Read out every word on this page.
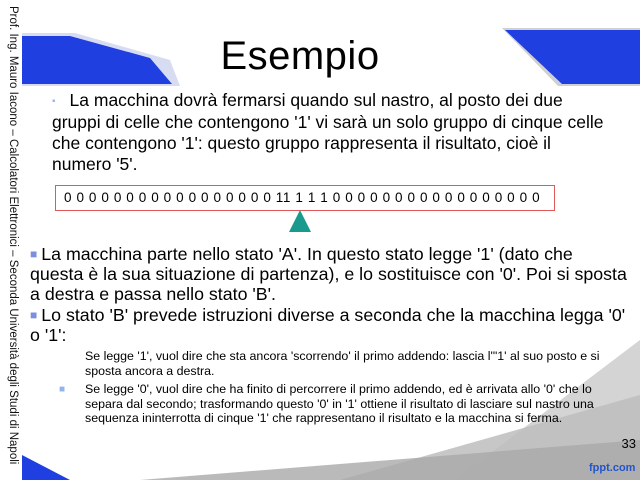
Prof. Ing. Mauro Iacono – Calcolatori Elettronici – Seconda Università degli Studi di Napoli	Esempio
▪ La macchina dovrà fermarsi quando sul nastro, al posto dei due gruppi di celle che contengono '1' vi sarà un solo gruppo di cinque celle che contengono '1': questo gruppo rappresenta il risultato, cioè il numero '5'.
0 0 0 0 0 0 0 0 0 0 0 0 0 0 0 0 0 11 1 1 1 0 0 0 0 0 0 0 0 0 0 0 0 0 0 0 0 0
■ La macchina parte nello stato 'A'. In questo stato legge '1' (dato che questa è la sua situazione di partenza), e lo sostituisce con '0'. Poi si sposta a destra e passa nello stato 'B'.
■ Lo stato 'B' prevede istruzioni diverse a seconda che la macchina legga '0' o '1':
Se legge '1', vuol dire che sta ancora 'scorrendo' il primo addendo: lascia l'"1' al suo posto e si sposta ancora a destra.
■ Se legge '0', vuol dire che ha finito di percorrere il primo addendo, ed è arrivata allo '0' che lo separa dal secondo; trasformando questo '0' in '1' ottiene il risultato di lasciare sul nastro una sequenza ininterrotta di cinque '1' che rappresentano il risultato e la macchina si ferma.
33
fppt.com
